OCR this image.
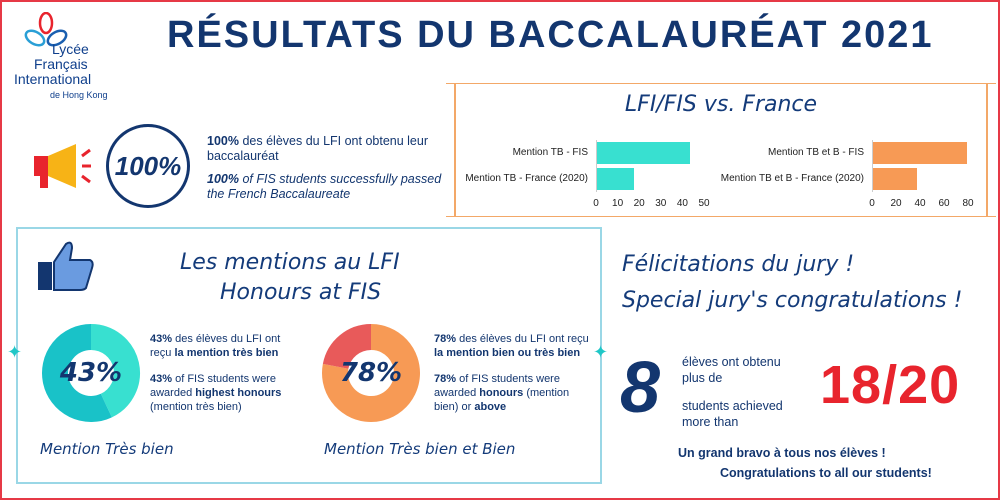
Lycée
Français
International
de Hong Kong
RÉSULTATS DU BACCALAURÉAT 2021
LFI/FIS vs. France
Mention TB - FIS
Mention TB - France (2020)
0	10	20	30	40	50
Mention TB et B - FIS
Mention TB et B - France (2020)
0	20	40	60	80
100%
100% des élèves du LFI ont obtenu leur baccalauréat
100% of FIS students successfully passed the French Baccalaureate
✦	✦
Les mentions au LFI
Honours at FIS
43%
43% des élèves du LFI ont reçu la mention très bien
43% of FIS students were awarded highest honours (mention très bien)
Mention Très bien
78%
78% des élèves du LFI ont reçu la mention bien ou très bien
78% of FIS students were awarded honours (mention bien) or above
Mention Très bien et Bien
Félicitations du jury !
Special jury's congratulations !
8 élèves ont obtenu plus de
students achieved more than
18/20
Un grand bravo à tous nos élèves !
Congratulations to all our students!
